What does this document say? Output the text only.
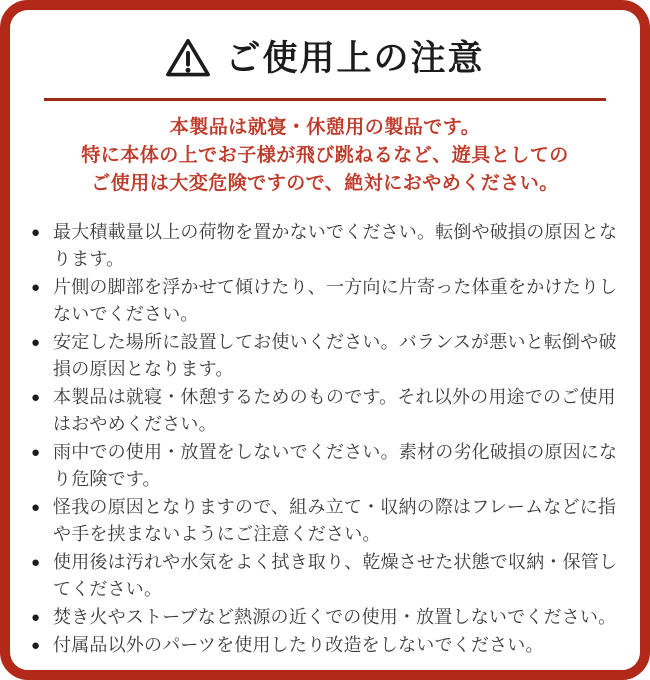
ご使用上の注意
本製品は就寝・休憩用の製品です。
特に本体の上でお子様が飛び跳ねるなど、遊具としての
ご使用は大変危険ですので、絶対におやめください。
● 最大積載量以上の荷物を置かないでください。転倒や破損の原因となります。
● 片側の脚部を浮かせて傾けたり、一方向に片寄った体重をかけたりしないでください。
● 安定した場所に設置してお使いください。バランスが悪いと転倒や破損の原因となります。
● 本製品は就寝・休憩するためのものです。それ以外の用途でのご使用はおやめください。
● 雨中での使用・放置をしないでください。素材の劣化破損の原因になり危険です。
● 怪我の原因となりますので、組み立て・収納の際はフレームなどに指や手を挟まないようにご注意ください。
● 使用後は汚れや水気をよく拭き取り、乾燥させた状態で収納・保管してください。
● 焚き火やストーブなど熱源の近くでの使用・放置しないでください。
● 付属品以外のパーツを使用したり改造をしないでください。
